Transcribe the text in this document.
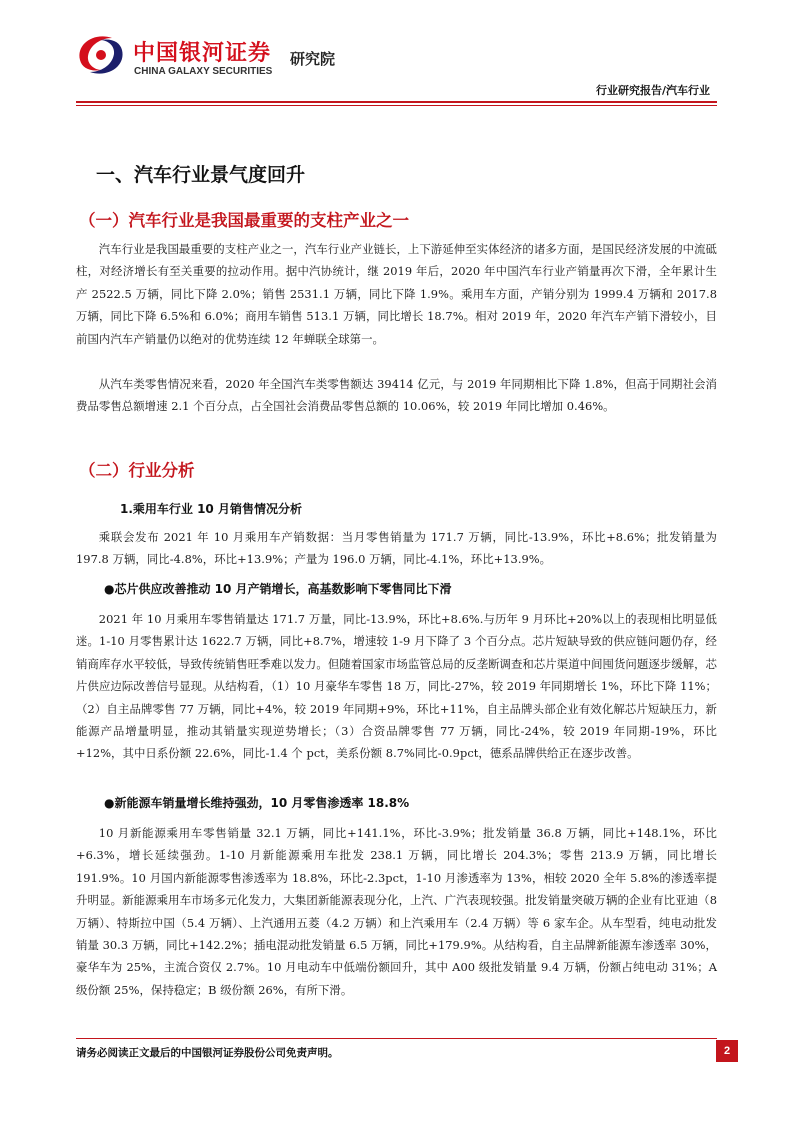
中国银河证券
CHINA GALAXY SECURITIES
研究院
行业研究报告/汽车行业
一、汽车行业景气度回升
（一）汽车行业是我国最重要的支柱产业之一

汽车行业是我国最重要的支柱产业之一，汽车行业产业链长，上下游延伸至实体经济的诸多方面，是国民经济发展的中流砥柱，对经济增长有至关重要的拉动作用。据中汽协统计，继 2019 年后，2020 年中国汽车行业产销量再次下滑，全年累计生产 2522.5 万辆，同比下降 2.0%；销售 2531.1 万辆，同比下降 1.9%。乘用车方面，产销分别为 1999.4 万辆和 2017.8 万辆，同比下降 6.5%和 6.0%；商用车销售 513.1 万辆，同比增长 18.7%。相对 2019 年，2020 年汽车产销下滑较小，目前国内汽车产销量仍以绝对的优势连续 12 年蝉联全球第一。

从汽车类零售情况来看，2020 年全国汽车类零售额达 39414 亿元，与 2019 年同期相比下降 1.8%，但高于同期社会消费品零售总额增速 2.1 个百分点，占全国社会消费品零售总额的 10.06%，较 2019 年同比增加 0.46%。

（二）行业分析
1.乘用车行业 10 月销售情况分析

乘联会发布 2021 年 10 月乘用车产销数据：当月零售销量为 171.7 万辆，同比-13.9%，环比+8.6%；批发销量为 197.8 万辆，同比-4.8%，环比+13.9%；产量为 196.0 万辆，同比-4.1%，环比+13.9%。

●芯片供应改善推动 10 月产销增长，高基数影响下零售同比下滑

2021 年 10 月乘用车零售销量达 171.7 万量，同比-13.9%，环比+8.6%.与历年 9 月环比+20%以上的表现相比明显低迷。1-10 月零售累计达 1622.7 万辆，同比+8.7%，增速较 1-9 月下降了 3 个百分点。芯片短缺导致的供应链问题仍存，经销商库存水平较低，导致传统销售旺季难以发力。但随着国家市场监管总局的反垄断调查和芯片渠道中间囤货问题逐步缓解，芯片供应边际改善信号显现。从结构看，（1）10 月豪华车零售 18 万，同比-27%，较 2019 年同期增长 1%，环比下降 11%；（2）自主品牌零售 77 万辆，同比+4%，较 2019 年同期+9%，环比+11%，自主品牌头部企业有效化解芯片短缺压力，新能源产品增量明显，推动其销量实现逆势增长；（3）合资品牌零售 77 万辆，同比-24%，较 2019 年同期-19%，环比+12%，其中日系份额 22.6%，同比-1.4 个 pct，美系份额 8.7%同比-0.9pct，德系品牌供给正在逐步改善。

●新能源车销量增长维持强劲，10 月零售渗透率 18.8%

10 月新能源乘用车零售销量 32.1 万辆，同比+141.1%，环比-3.9%；批发销量 36.8 万辆，同比+148.1%，环比+6.3%，增长延续强劲。1-10 月新能源乘用车批发 238.1 万辆，同比增长 204.3%；零售 213.9 万辆，同比增长 191.9%。10 月国内新能源零售渗透率为 18.8%，环比-2.3pct，1-10 月渗透率为 13%，相较 2020 全年 5.8%的渗透率提升明显。新能源乘用车市场多元化发力，大集团新能源表现分化，上汽、广汽表现较强。批发销量突破万辆的企业有比亚迪（8 万辆）、特斯拉中国（5.4 万辆）、上汽通用五菱（4.2 万辆）和上汽乘用车（2.4 万辆）等 6 家车企。从车型看，纯电动批发销量 30.3 万辆，同比+142.2%；插电混动批发销量 6.5 万辆，同比+179.9%。从结构看，自主品牌新能源车渗透率 30%，豪华车为 25%，主流合资仅 2.7%。10 月电动车中低端份额回升，其中 A00 级批发销量 9.4 万辆，份额占纯电动 31%；A 级份额 25%，保持稳定；B 级份额 26%，有所下滑。

请务必阅读正文最后的中国银河证券股份公司免责声明。	2
